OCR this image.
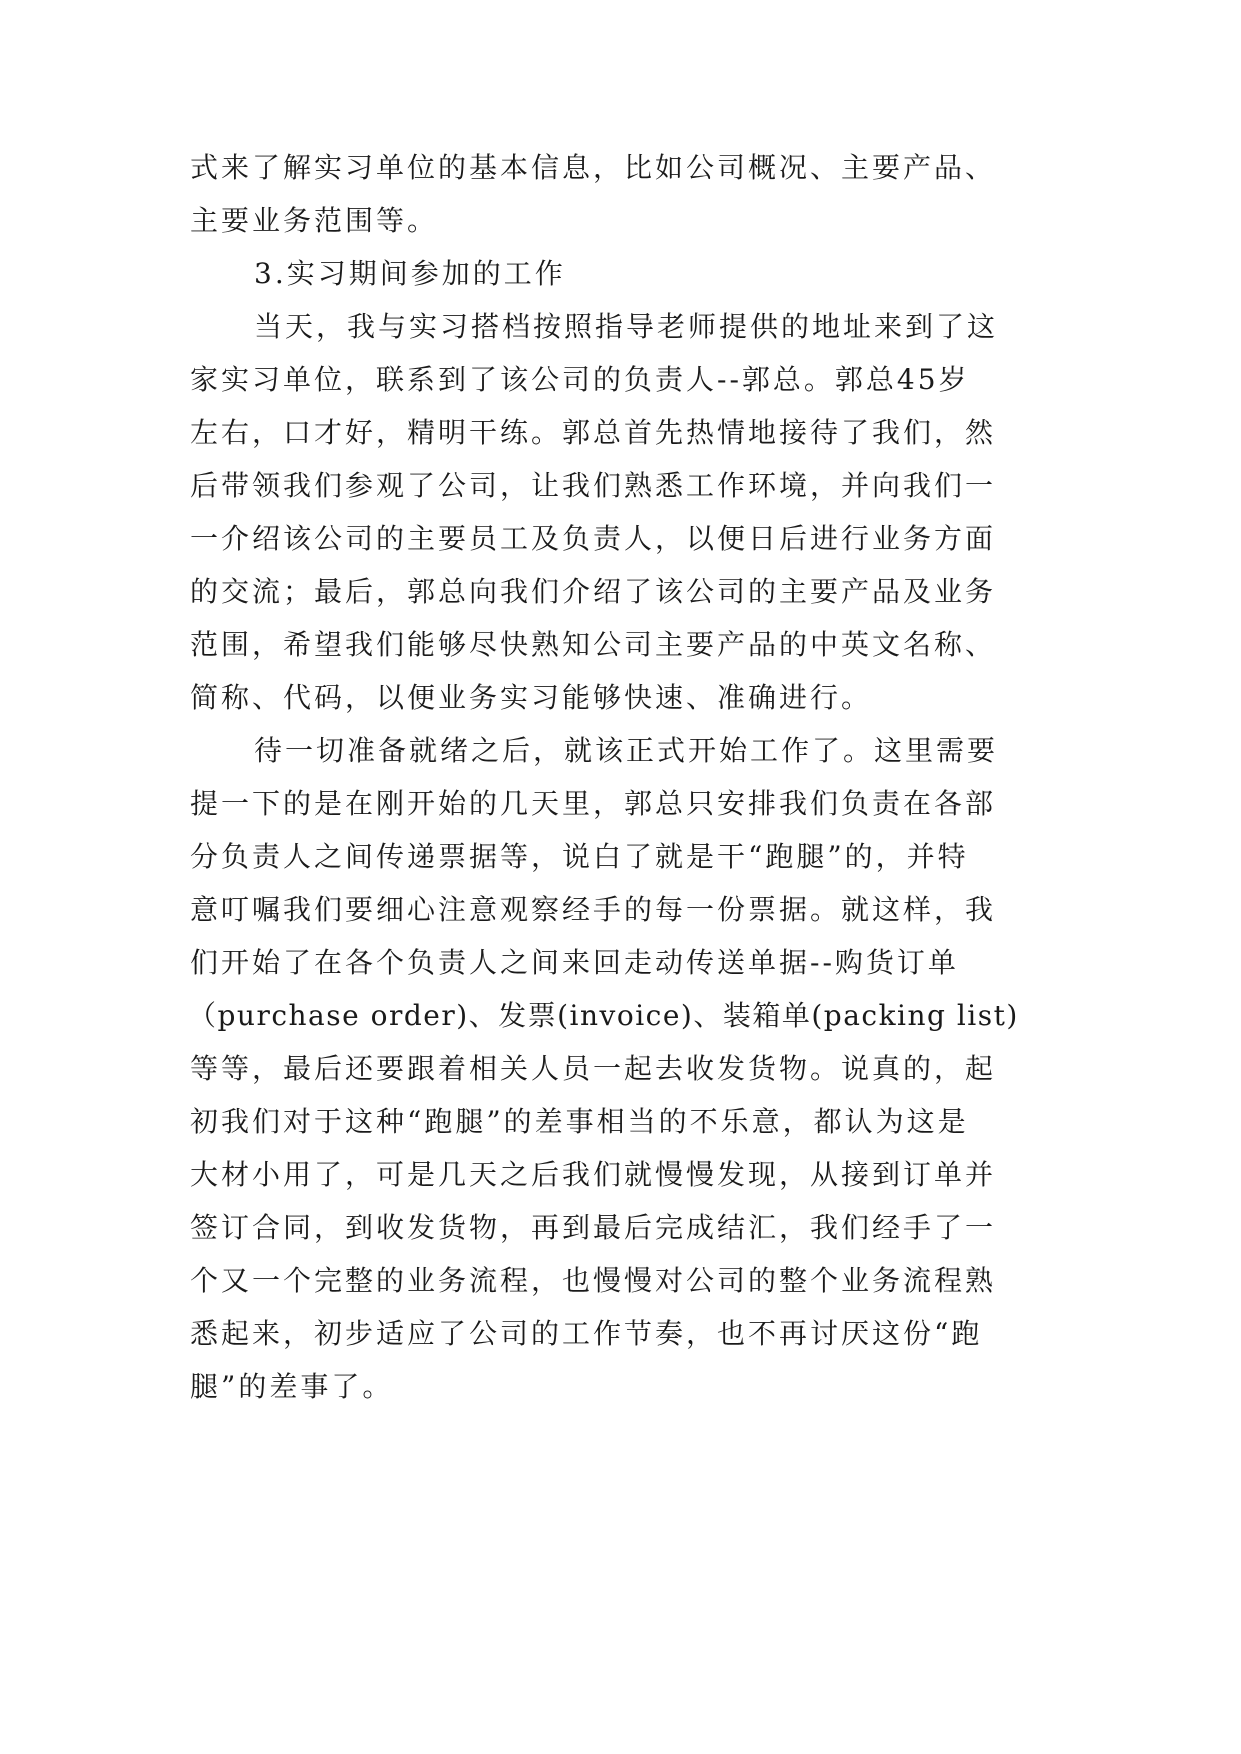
式来了解实习单位的基本信息，比如公司概况、主要产品、

主要业务范围等。

3.实习期间参加的工作

当天，我与实习搭档按照指导老师提供的地址来到了这

家实习单位，联系到了该公司的负责人--郭总。郭总45岁

左右，口才好，精明干练。郭总首先热情地接待了我们，然

后带领我们参观了公司，让我们熟悉工作环境，并向我们一

一介绍该公司的主要员工及负责人，以便日后进行业务方面

的交流；最后，郭总向我们介绍了该公司的主要产品及业务

范围，希望我们能够尽快熟知公司主要产品的中英文名称、

简称、代码，以便业务实习能够快速、准确进行。

待一切准备就绪之后，就该正式开始工作了。这里需要

提一下的是在刚开始的几天里，郭总只安排我们负责在各部

分负责人之间传递票据等，说白了就是干“跑腿”的，并特

意叮嘱我们要细心注意观察经手的每一份票据。就这样，我

们开始了在各个负责人之间来回走动传送单据--购货订单

（purchase order)、发票(invoice)、装箱单(packing list)

等等，最后还要跟着相关人员一起去收发货物。说真的，起

初我们对于这种“跑腿”的差事相当的不乐意，都认为这是

大材小用了，可是几天之后我们就慢慢发现，从接到订单并

签订合同，到收发货物，再到最后完成结汇，我们经手了一

个又一个完整的业务流程，也慢慢对公司的整个业务流程熟

悉起来，初步适应了公司的工作节奏，也不再讨厌这份“跑

腿”的差事了。
